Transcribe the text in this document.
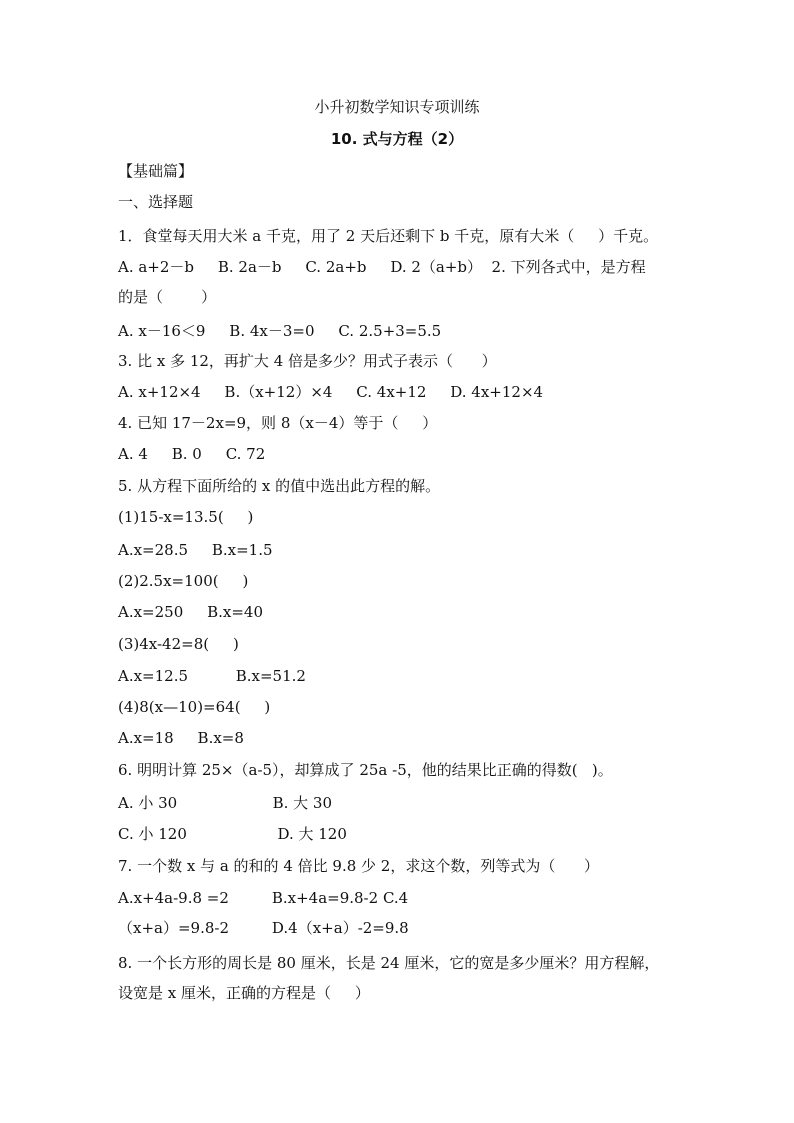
小升初数学知识专项训练
10. 式与方程（2）
【基础篇】
一、选择题
1．食堂每天用大米 a 千克，用了 2 天后还剩下 b 千克，原有大米（     ）千克。
A. a+2－b     B. 2a－b     C. 2a+b     D. 2（a+b）  2. 下列各式中，是方程
的是（        ）
A. x－16＜9     B. 4x－3=0     C. 2.5+3=5.5
3. 比 x 多 12，再扩大 4 倍是多少？用式子表示（      ）
A. x+12×4     B.（x+12）×4     C. 4x+12     D. 4x+12×4
4. 已知 17－2x=9，则 8（x－4）等于（     ）
A. 4     B. 0     C. 72
5. 从方程下面所给的 x 的值中选出此方程的解。
(1)15-x=13.5(     )
A.x=28.5     B.x=1.5
(2)2.5x=100(     )
A.x=250     B.x=40
(3)4x-42=8(     )
A.x=12.5          B.x=51.2
(4)8(x—10)=64(     )
A.x=18     B.x=8
6. 明明计算 25×（a-5），却算成了 25a -5，他的结果比正确的得数(   )。
A. 小 30                    B. 大 30
C. 小 120                   D. 大 120
7. 一个数 x 与 a 的和的 4 倍比 9.8 少 2，求这个数，列等式为（      ）
A.x+4a-9.8 =2         B.x+4a=9.8-2 C.4
（x+a）=9.8-2         D.4（x+a）-2=9.8
8. 一个长方形的周长是 80 厘米，长是 24 厘米，它的宽是多少厘米？用方程解，
设宽是 x 厘米，正确的方程是（     ）
